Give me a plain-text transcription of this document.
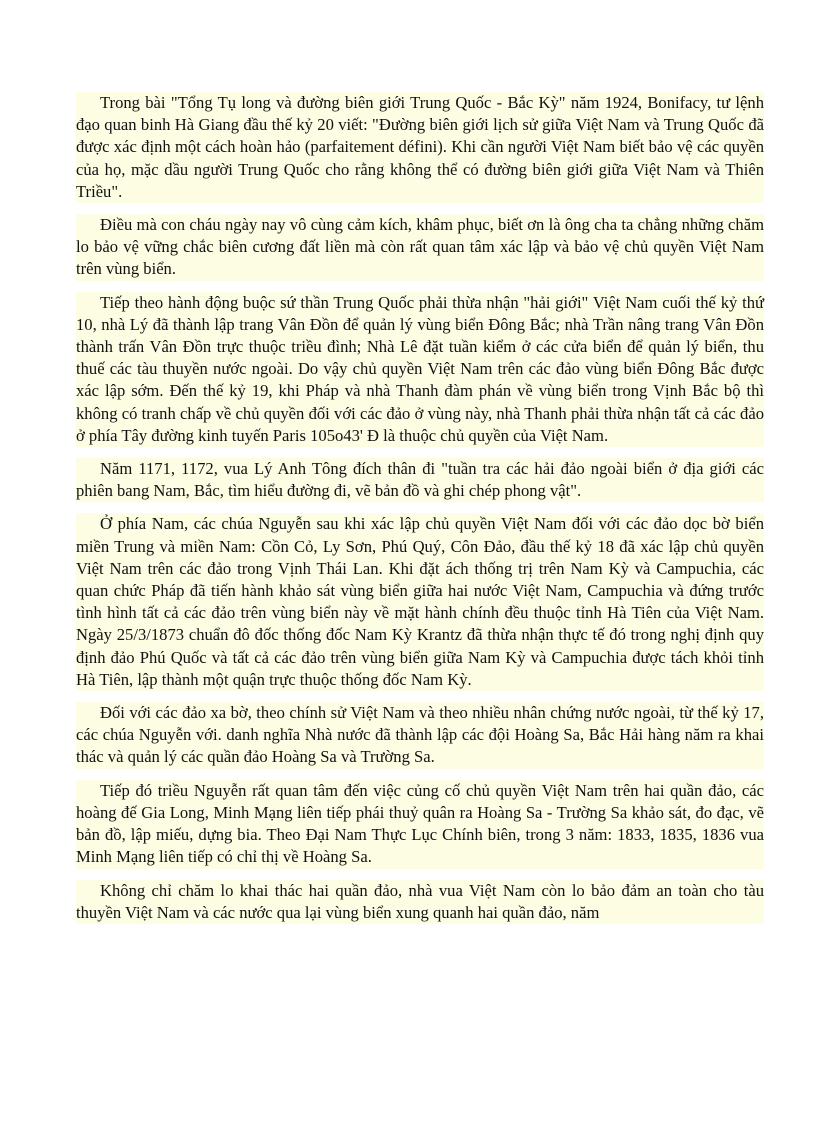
Trong bài "Tổng Tụ long và đường biên giới Trung Quốc - Bắc Kỳ" năm 1924, Bonifacy, tư lệnh đạo quan binh Hà Giang đầu thế kỷ 20 viết: "Đường biên giới lịch sử giữa Việt Nam và Trung Quốc đã được xác định một cách hoàn hảo (parfaitement défini). Khi cần người Việt Nam biết bảo vệ các quyền của họ, mặc dầu người Trung Quốc cho rằng không thể có đường biên giới giữa Việt Nam và Thiên Triều".

Điều mà con cháu ngày nay vô cùng cảm kích, khâm phục, biết ơn là ông cha ta chẳng những chăm lo bảo vệ vững chắc biên cương đất liền mà còn rất quan tâm xác lập và bảo vệ chủ quyền Việt Nam trên vùng biển.

Tiếp theo hành động buộc sứ thần Trung Quốc phải thừa nhận "hải giới" Việt Nam cuối thế kỷ thứ 10, nhà Lý đã thành lập trang Vân Đồn để quản lý vùng biển Đông Bắc; nhà Trần nâng trang Vân Đồn thành trấn Vân Đồn trực thuộc triều đình; Nhà Lê đặt tuần kiểm ở các cửa biển để quản lý biển, thu thuế các tàu thuyền nước ngoài. Do vậy chủ quyền Việt Nam trên các đảo vùng biển Đông Bắc được xác lập sớm. Đến thế kỷ 19, khi Pháp và nhà Thanh đàm phán về vùng biển trong Vịnh Bắc bộ thì không có tranh chấp về chủ quyền đối với các đảo ở vùng này, nhà Thanh phải thừa nhận tất cả các đảo ở phía Tây đường kinh tuyến Paris 105o43' Đ là thuộc chủ quyền của Việt Nam.

Năm 1171, 1172, vua Lý Anh Tông đích thân đi "tuần tra các hải đảo ngoài biển ở địa giới các phiên bang Nam, Bắc, tìm hiểu đường đi, vẽ bản đồ và ghi chép phong vật".

Ở phía Nam, các chúa Nguyễn sau khi xác lập chủ quyền Việt Nam đối với các đảo dọc bờ biển miền Trung và miền Nam: Cồn Cỏ, Ly Sơn, Phú Quý, Côn Đảo, đầu thế kỷ 18 đã xác lập chủ quyền Việt Nam trên các đảo trong Vịnh Thái Lan. Khi đặt ách thống trị trên Nam Kỳ và Campuchia, các quan chức Pháp đã tiến hành khảo sát vùng biển giữa hai nước Việt Nam, Campuchia và đứng trước tình hình tất cả các đảo trên vùng biển này về mặt hành chính đều thuộc tỉnh Hà Tiên của Việt Nam. Ngày 25/3/1873 chuẩn đô đốc thống đốc Nam Kỳ Krantz đã thừa nhận thực tế đó trong nghị định quy định đảo Phú Quốc và tất cả các đảo trên vùng biển giữa Nam Kỳ và Campuchia được tách khỏi tỉnh Hà Tiên, lập thành một quận trực thuộc thống đốc Nam Kỳ.

Đối với các đảo xa bờ, theo chính sử Việt Nam và theo nhiều nhân chứng nước ngoài, từ thế kỷ 17, các chúa Nguyễn với. danh nghĩa Nhà nước đã thành lập các đội Hoàng Sa, Bắc Hải hàng năm ra khai thác và quản lý các quần đảo Hoàng Sa và Trường Sa.

Tiếp đó triều Nguyễn rất quan tâm đến việc củng cố chủ quyền Việt Nam trên hai quần đảo, các hoàng đế Gia Long, Minh Mạng liên tiếp phái thuỷ quân ra Hoàng Sa - Trường Sa khảo sát, đo đạc, vẽ bản đồ, lập miếu, dựng bia. Theo Đại Nam Thực Lục Chính biên, trong 3 năm: 1833, 1835, 1836 vua Minh Mạng liên tiếp có chỉ thị về Hoàng Sa.

Không chỉ chăm lo khai thác hai quần đảo, nhà vua Việt Nam còn lo bảo đảm an toàn cho tàu thuyền Việt Nam và các nước qua lại vùng biển xung quanh hai quần đảo, năm
